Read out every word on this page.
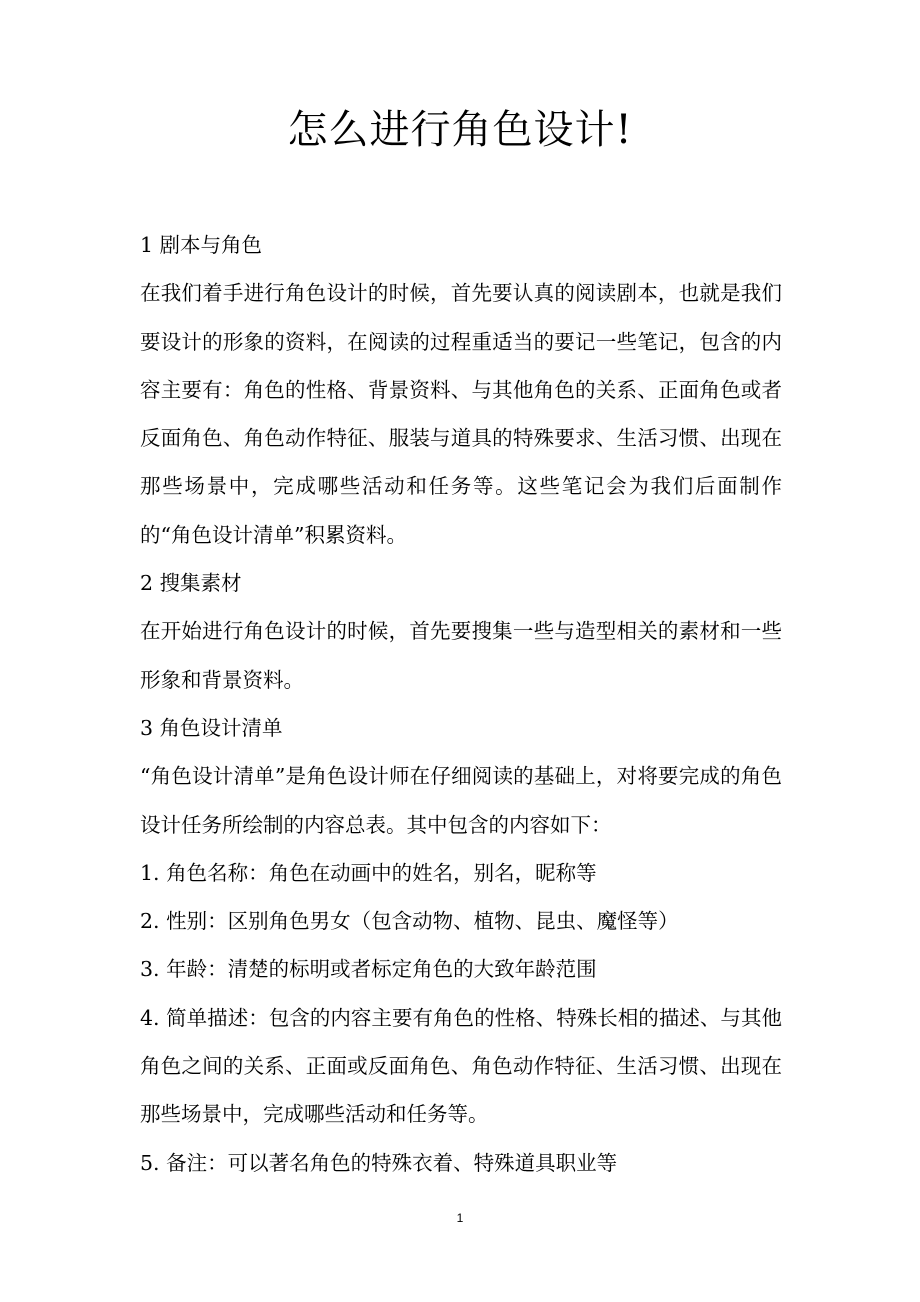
怎么进行角色设计!

1 剧本与角色

在我们着手进行角色设计的时候，首先要认真的阅读剧本，也就是我们要设计的形象的资料，在阅读的过程重适当的要记一些笔记，包含的内容主要有：角色的性格、背景资料、与其他角色的关系、正面角色或者反面角色、角色动作特征、服装与道具的特殊要求、生活习惯、出现在那些场景中，完成哪些活动和任务等。这些笔记会为我们后面制作的“角色设计清单”积累资料。

2 搜集素材

在开始进行角色设计的时候，首先要搜集一些与造型相关的素材和一些形象和背景资料。

3 角色设计清单

“角色设计清单”是角色设计师在仔细阅读的基础上，对将要完成的角色设计任务所绘制的内容总表。其中包含的内容如下：

1. 角色名称：角色在动画中的姓名，别名，昵称等

2. 性别：区别角色男女（包含动物、植物、昆虫、魔怪等）

3. 年龄：清楚的标明或者标定角色的大致年龄范围

4. 简单描述：包含的内容主要有角色的性格、特殊长相的描述、与其他角色之间的关系、正面或反面角色、角色动作特征、生活习惯、出现在那些场景中，完成哪些活动和任务等。

5. 备注：可以著名角色的特殊衣着、特殊道具职业等

1
